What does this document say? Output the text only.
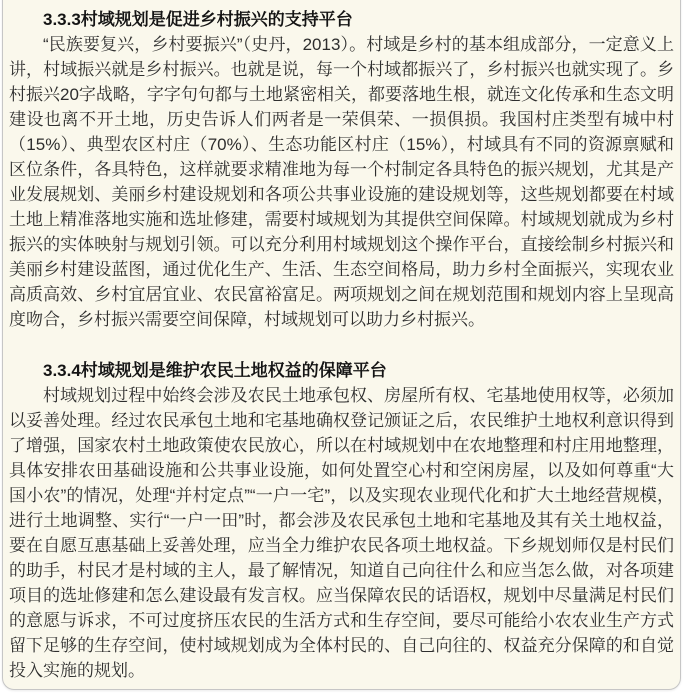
3.3.3村域规划是促进乡村振兴的支持平台

“民族要复兴，乡村要振兴”（史丹，2013）。村域是乡村的基本组成部分，一定意义上讲，村域振兴就是乡村振兴。也就是说，每一个村域都振兴了，乡村振兴也就实现了。乡村振兴20字战略，字字句句都与土地紧密相关，都要落地生根，就连文化传承和生态文明建设也离不开土地，历史告诉人们两者是一荣俱荣、一损俱损。我国村庄类型有城中村（15%）、典型农区村庄（70%）、生态功能区村庄（15%），村域具有不同的资源禀赋和区位条件，各具特色，这样就要求精准地为每一个村制定各具特色的振兴规划，尤其是产业发展规划、美丽乡村建设规划和各项公共事业设施的建设规划等，这些规划都要在村域土地上精准落地实施和选址修建，需要村域规划为其提供空间保障。村域规划就成为乡村振兴的实体映射与规划引领。可以充分利用村域规划这个操作平台，直接绘制乡村振兴和美丽乡村建设蓝图，通过优化生产、生活、生态空间格局，助力乡村全面振兴，实现农业高质高效、乡村宜居宜业、农民富裕富足。两项规划之间在规划范围和规划内容上呈现高度吻合，乡村振兴需要空间保障，村域规划可以助力乡村振兴。

3.3.4村域规划是维护农民土地权益的保障平台

村域规划过程中始终会涉及农民土地承包权、房屋所有权、宅基地使用权等，必须加以妥善处理。经过农民承包土地和宅基地确权登记颁证之后，农民维护土地权利意识得到了增强，国家农村土地政策使农民放心，所以在村域规划中在农地整理和村庄用地整理，具体安排农田基础设施和公共事业设施，如何处置空心村和空闲房屋，以及如何尊重“大国小农”的情况，处理“并村定点”“一户一宅”，以及实现农业现代化和扩大土地经营规模，进行土地调整、实行“一户一田”时，都会涉及农民承包土地和宅基地及其有关土地权益，要在自愿互惠基础上妥善处理，应当全力维护农民各项土地权益。下乡规划师仅是村民们的助手，村民才是村域的主人，最了解情况，知道自己向往什么和应当怎么做，对各项建项目的选址修建和怎么建设最有发言权。应当保障农民的话语权，规划中尽量满足村民们的意愿与诉求，不可过度挤压农民的生活方式和生存空间，要尽可能给小农农业生产方式留下足够的生存空间，使村域规划成为全体村民的、自己向往的、权益充分保障的和自觉投入实施的规划。
